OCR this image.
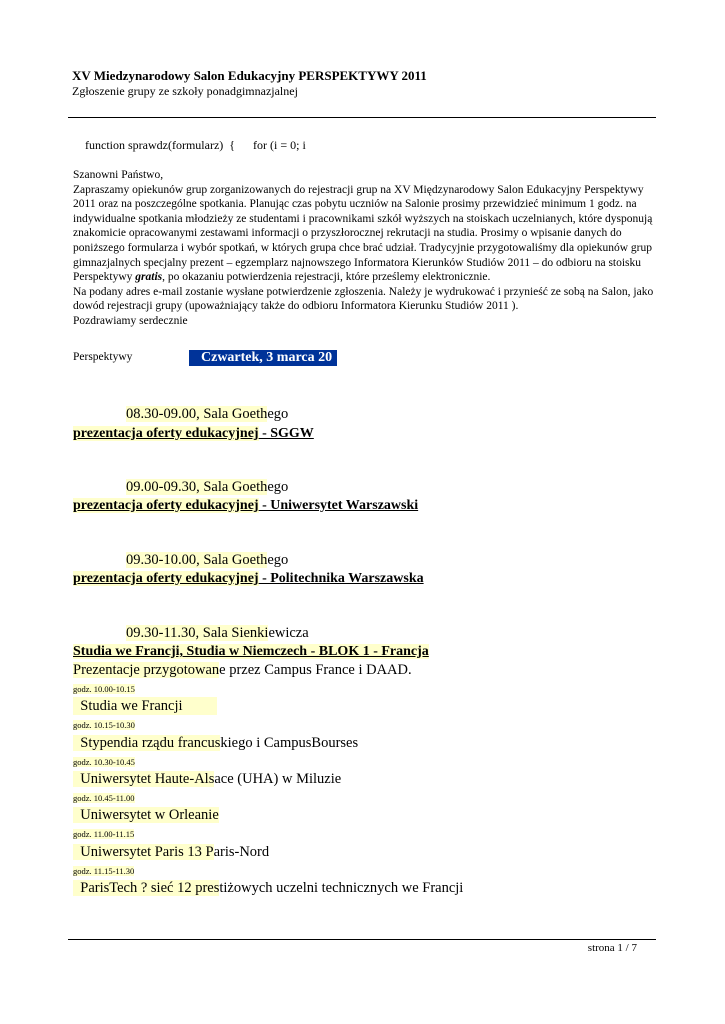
XV Miedzynarodowy Salon Edukacyjny PERSPEKTYWY 2011
Zgłoszenie grupy ze szkoły ponadgimnazjalnej
function sprawdz(formularz)  { for (i = 0; i

Szanowni Państwo,

Zapraszamy opiekunów grup zorganizowanych do rejestracji grup na XV Międzynarodowy Salon Edukacyjny Perspektywy 2011 oraz na poszczególne spotkania. Planując czas pobytu uczniów na Salonie prosimy przewidzieć minimum 1 godz. na indywidualne spotkania młodzieży ze studentami i pracownikami szkół wyższych na stoiskach uczelnianych, które dysponują znakomicie opracowanymi zestawami informacji o przyszłorocznej rekrutacji na studia. Prosimy o wpisanie danych do poniższego formularza i wybór spotkań, w których grupa chce brać udział. Tradycyjnie przygotowaliśmy dla opiekunów grup gimnazjalnych specjalny prezent – egzemplarz najnowszego Informatora Kierunków Studiów 2011 – do odbioru na stoisku Perspektywy gratis, po okazaniu potwierdzenia rejestracji, które prześlemy elektronicznie.

Na podany adres e-mail zostanie wysłane potwierdzenie zgłoszenia. Należy je wydrukować i przynieść ze sobą na Salon, jako dowód rejestracji grupy (upoważniający także do odbioru Informatora Kierunku Studiów 2011 ).

Pozdrawiamy serdecznie

Perspektywy	Czwartek, 3 marca 20
08.30-09.00, Sala Goethego
prezentacja oferty edukacyjnej - SGGW
09.00-09.30, Sala Goethego
prezentacja oferty edukacyjnej - Uniwersytet Warszawski
09.30-10.00, Sala Goethego
prezentacja oferty edukacyjnej - Politechnika Warszawska
09.30-11.30, Sala Sienkiewicza
Studia we Francji, Studia w Niemczech - BLOK 1 - Francja
Prezentacje przygotowane przez Campus France i DAAD.
godz. 10.00-10.15
Studia we Francji
godz. 10.15-10.30
Stypendia rządu francuskiego i CampusBourses
godz. 10.30-10.45
Uniwersytet Haute-Alsace (UHA) w Miluzie
godz. 10.45-11.00
Uniwersytet w Orleanie
godz. 11.00-11.15
Uniwersytet Paris 13 Paris-Nord
godz. 11.15-11.30
ParisTech ? sieć 12 prestiżowych uczelni technicznych we Francji
strona 1 / 7
